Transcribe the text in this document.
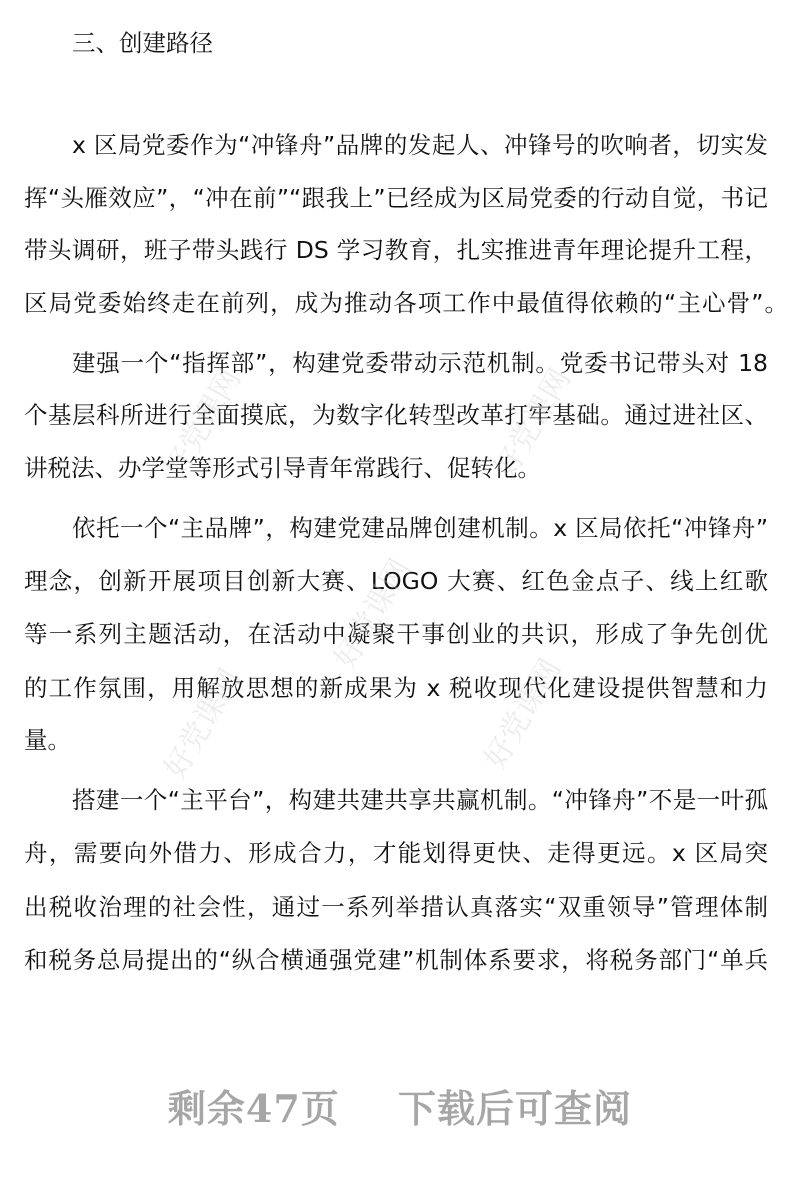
三、创建路径
x 区局党委作为“冲锋舟”品牌的发起人、冲锋号的吹响者，切实发
挥“头雁效应”，“冲在前”“跟我上”已经成为区局党委的行动自觉，书记
带头调研，班子带头践行 DS 学习教育，扎实推进青年理论提升工程，
区局党委始终走在前列，成为推动各项工作中最值得依赖的“主心骨”。
建强一个“指挥部”，构建党委带动示范机制。党委书记带头对 18
个基层科所进行全面摸底，为数字化转型改革打牢基础。通过进社区、
讲税法、办学堂等形式引导青年常践行、促转化。
依托一个“主品牌”，构建党建品牌创建机制。x 区局依托“冲锋舟”
理念，创新开展项目创新大赛、LOGO 大赛、红色金点子、线上红歌
等一系列主题活动，在活动中凝聚干事创业的共识，形成了争先创优
的工作氛围，用解放思想的新成果为 x 税收现代化建设提供智慧和力
量。
搭建一个“主平台”，构建共建共享共赢机制。“冲锋舟”不是一叶孤
舟，需要向外借力、形成合力，才能划得更快、走得更远。x 区局突
出税收治理的社会性，通过一系列举措认真落实“双重领导”管理体制
和税务总局提出的“纵合横通强党建”机制体系要求，将税务部门“单兵
好党课网	好党课网
好党课网
好党课网	好党课网
剩余47页 下载后可查阅
